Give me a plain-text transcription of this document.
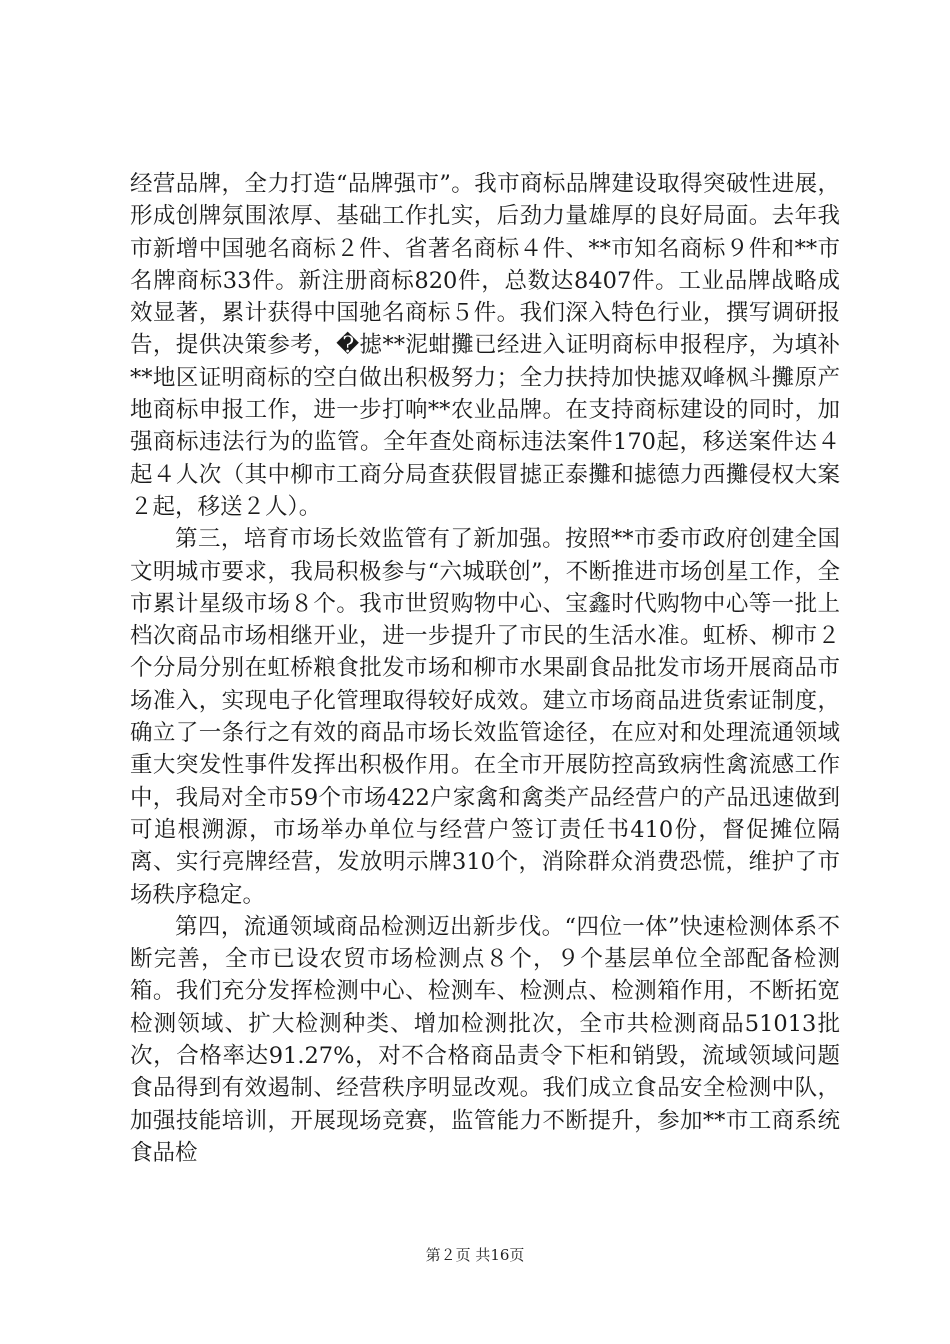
经营品牌，全力打造“品牌强市”。我市商标品牌建设取得突破性进展，形成创牌氛围浓厚、基础工作扎实，后劲力量雄厚的良好局面。去年我市新增中国驰名商标２件、省著名商标４件、**市知名商标９件和**市名牌商标33件。新注册商标820件，总数达8407件。工业品牌战略成效显著，累计获得中国驰名商标５件。我们深入特色行业，撰写调研报告，提供决策参考，�摅**泥蚶攤已经进入证明商标申报程序，为填补**地区证明商标的空白做出积极努力；全力扶持加快摅双峰枫斗攤原产地商标申报工作，进一步打响**农业品牌。在支持商标建设的同时，加强商标违法行为的监管。全年查处商标违法案件170起，移送案件达４起４人次（其中柳市工商分局查获假冒摅正泰攤和摅德力西攤侵权大案２起，移送２人）。

第三，培育市场长效监管有了新加强。按照**市委市政府创建全国文明城市要求，我局积极参与“六城联创”，不断推进市场创星工作，全市累计星级市场８个。我市世贸购物中心、宝鑫时代购物中心等一批上档次商品市场相继开业，进一步提升了市民的生活水准。虹桥、柳市２个分局分别在虹桥粮食批发市场和柳市水果副食品批发市场开展商品市场准入，实现电子化管理取得较好成效。建立市场商品进货索证制度，确立了一条行之有效的商品市场长效监管途径，在应对和处理流通领域重大突发性事件发挥出积极作用。在全市开展防控高致病性禽流感工作中，我局对全市59个市场422户家禽和禽类产品经营户的产品迅速做到可追根溯源，市场举办单位与经营户签订责任书410份，督促摊位隔离、实行亮牌经营，发放明示牌310个，消除群众消费恐慌，维护了市场秩序稳定。

第四，流通领域商品检测迈出新步伐。“四位一体”快速检测体系不断完善，全市已设农贸市场检测点８个，９个基层单位全部配备检测箱。我们充分发挥检测中心、检测车、检测点、检测箱作用，不断拓宽检测领域、扩大检测种类、增加检测批次，全市共检测商品51013批次，合格率达91.27%，对不合格商品责令下柜和销毁，流域领域问题食品得到有效遏制、经营秩序明显改观。我们成立食品安全检测中队，加强技能培训，开展现场竞赛，监管能力不断提升，参加**市工商系统食品检

第２页 共16页
